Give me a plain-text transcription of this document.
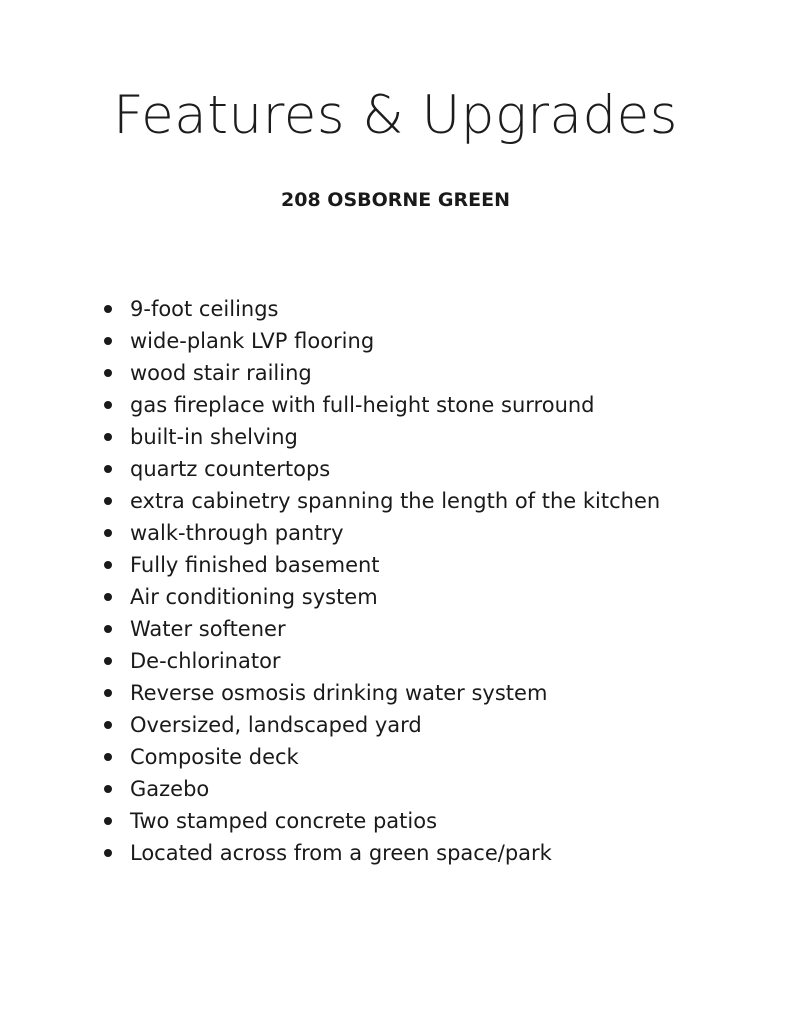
Features & Upgrades
208 OSBORNE GREEN
9-foot ceilings
wide-plank LVP flooring
wood stair railing
gas fireplace with full-height stone surround
built-in shelving
quartz countertops
extra cabinetry spanning the length of the kitchen
walk-through pantry
Fully finished basement
Air conditioning system
Water softener
De-chlorinator
Reverse osmosis drinking water system
Oversized, landscaped yard
Composite deck
Gazebo
Two stamped concrete patios
Located across from a green space/park
